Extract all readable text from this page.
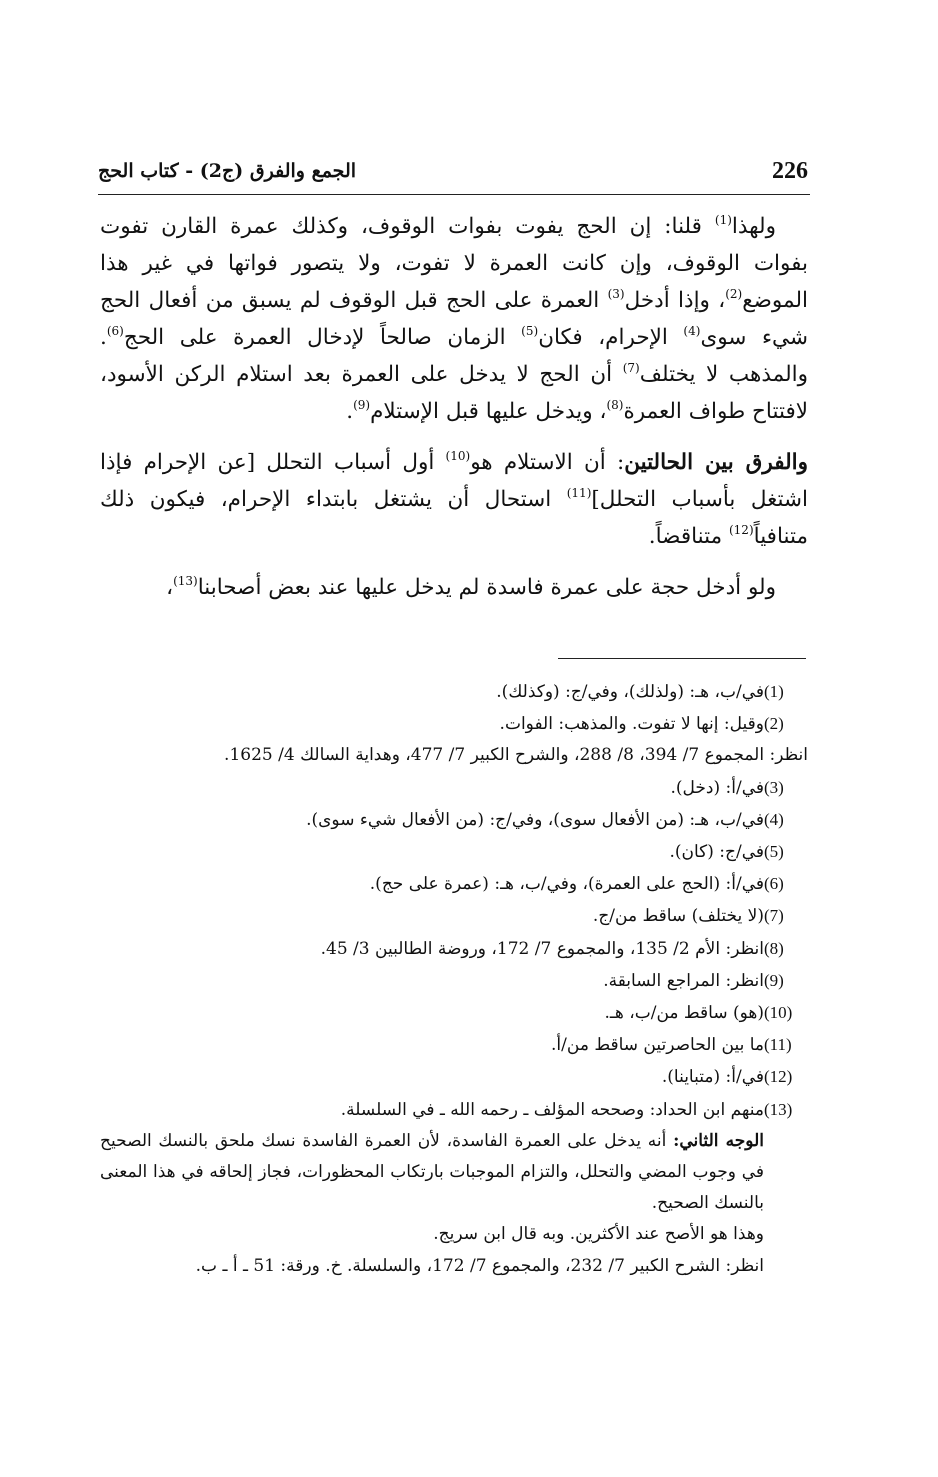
226
الجمع والفرق (ج2) - كتاب الحج

ولهذا$^{(1)}$ قلنا: إن الحج يفوت بفوات الوقوف، وكذلك عمرة القارن تفوت بفوات الوقوف، وإن كانت العمرة لا تفوت، ولا يتصور فواتها في غير هذا الموضع$^{(2)}$، وإذا أدخل$^{(3)}$ العمرة على الحج قبل الوقوف لم يسبق من أفعال الحج شيء سوى$^{(4)}$ الإحرام، فكان$^{(5)}$ الزمان صالحاً لإدخال العمرة على الحج$^{(6)}$. والمذهب لا يختلف$^{(7)}$ أن الحج لا يدخل على العمرة بعد استلام الركن الأسود، لافتتاح طواف العمرة$^{(8)}$، ويدخل عليها قبل الإستلام$^{(9)}$.

والفرق بين الحالتين: أن الاستلام هو$^{(10)}$ أول أسباب التحلل [عن الإحرام فإذا اشتغل بأسباب التحلل]$^{(11)}$ استحال أن يشتغل بابتداء الإحرام، فيكون ذلك متنافياً$^{(12)}$ متناقضاً.

ولو أدخل حجة على عمرة فاسدة لم يدخل عليها عند بعض أصحابنا$^{(13)}$،

(1)
في/ب، هـ: (ولذلك)، وفي/ج: (وكذلك).
(2)
وقيل: إنها لا تفوت. والمذهب: الفوات.
انظر: المجموع 7/ 394، 8/ 288، والشرح الكبير 7/ 477، وهداية السالك 4/ 1625.
(3)
في/أ: (دخل).
(4)
في/ب، هـ: (من الأفعال سوى)، وفي/ج: (من الأفعال شيء سوى).
(5)
في/ج: (كان).
(6)
في/أ: (الحج على العمرة)، وفي/ب، هـ: (عمرة على حج).
(7)
(لا يختلف) ساقط من/ج.
(8)
انظر: الأم 2/ 135، والمجموع 7/ 172، وروضة الطالبين 3/ 45.
(9)
انظر: المراجع السابقة.
(10)
(هو) ساقط من/ب، هـ.
(11)
ما بين الحاصرتين ساقط من/أ.
(12)
في/أ: (متباينا).
(13)
منهم ابن الحداد: وصححه المؤلف ـ رحمه الله ـ في السلسلة.

الوجه الثاني: أنه يدخل على العمرة الفاسدة، لأن العمرة الفاسدة نسك ملحق بالنسك الصحيح في وجوب المضي والتحلل، والتزام الموجبات بارتكاب المحظورات، فجاز إلحاقه في هذا المعنى بالنسك الصحيح.

وهذا هو الأصح عند الأكثرين. وبه قال ابن سريج.

انظر: الشرح الكبير 7/ 232، والمجموع 7/ 172، والسلسلة. خ. ورقة: 51 ـ أ ـ ب.
